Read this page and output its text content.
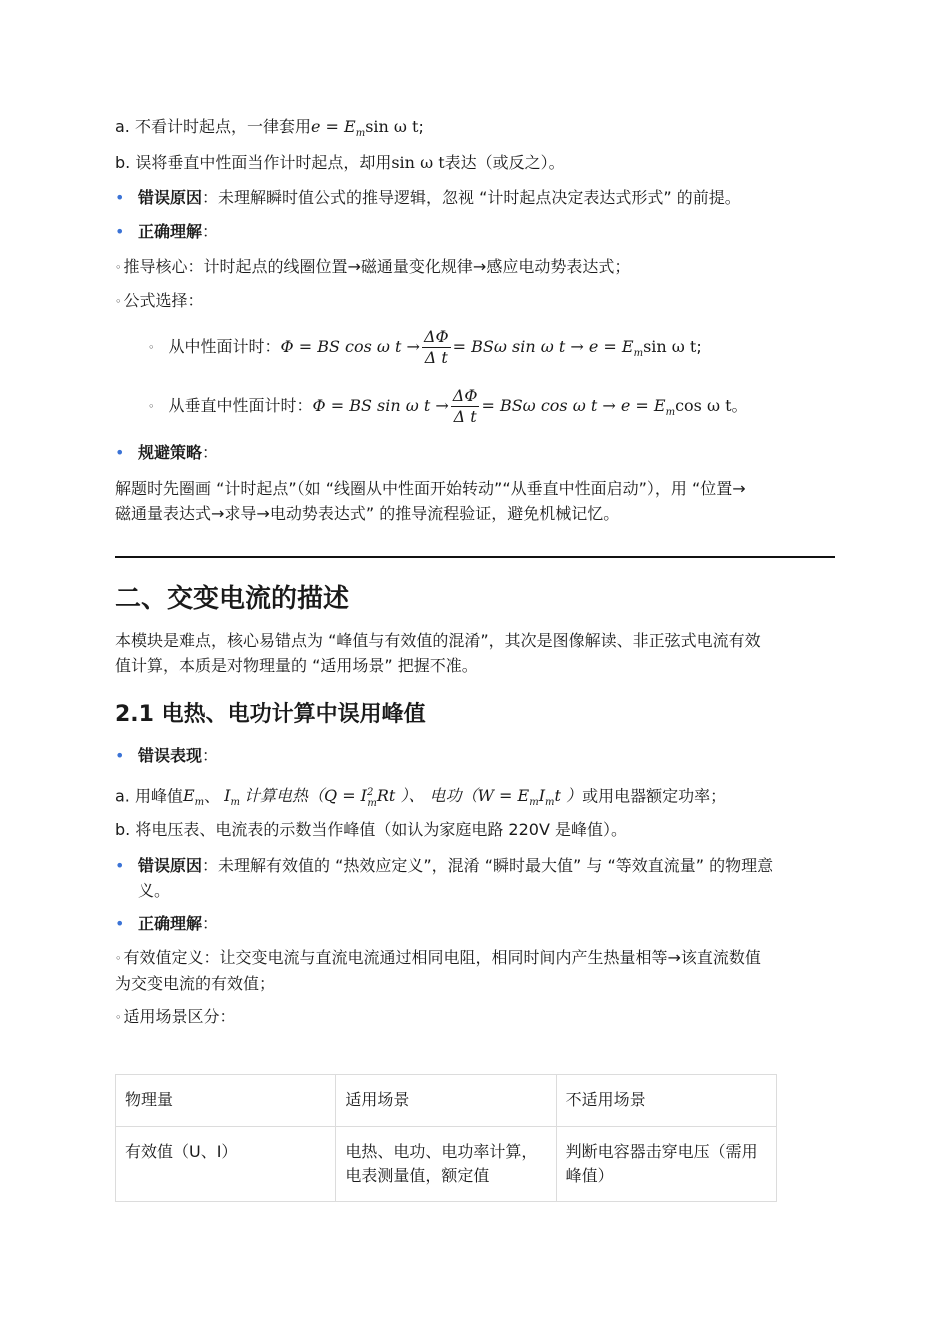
a. 不看计时起点，一律套用$e = E_m\sin$ ω t;
b. 误将垂直中性面当作计时起点，却用sin ω t表达（或反之）。
• 错误原因：未理解瞬时值公式的推导逻辑，忽视 “计时起点决定表达式形式” 的前提。
• 正确理解：
◦ 推导核心：计时起点的线圈位置→磁通量变化规律→感应电动势表达式；
◦ 公式选择：
◦ 从中性面计时：Φ = BS cos ω $t \to \frac{\Delta\Phi}{\text{Δ t}} = BS\omega$ sin ω $t \to e = E_m\sin$ ω t;
◦ 从垂直中性面计时：Φ = BS sin ω $t \to \frac{\Delta\Phi}{\text{Δ t}} = BS\omega$ cos ω $t \to e = E_m\cos$ ω t。
• 规避策略：
解题时先圈画 “计时起点”（如 “线圈从中性面开始转动”“从垂直中性面启动”），用 “位置→
磁通量表达式→求导→电动势表达式” 的推导流程验证，避免机械记忆。
二、交变电流的描述
本模块是难点，核心易错点为 “峰值与有效值的混淆”，其次是图像解读、非正弦式电流有效
值计算，本质是对物理量的 “适用场景” 把握不准。
2.1 电热、电功计算中误用峰值
• 错误表现：
a. 用峰值$E_m$、 $I_m$ 计算电热（$Q = I^2_mRt$ ）、 电功（$W = E_mI_mt$ ）或用电器额定功率；
b. 将电压表、电流表的示数当作峰值（如认为家庭电路 220V 是峰值）。
• 错误原因：未理解有效值的 “热效应定义”，混淆 “瞬时最大值” 与 “等效直流量” 的物理意
义。
• 正确理解：
◦ 有效值定义：让交变电流与直流电流通过相同电阻，相同时间内产生热量相等→该直流数值
为交变电流的有效值；
◦ 适用场景区分：
物理量	适用场景	不适用场景
有效值（U、I）	电热、电功、电功率计算，电表测量值，额定值	判断电容器击穿电压（需用峰值）
